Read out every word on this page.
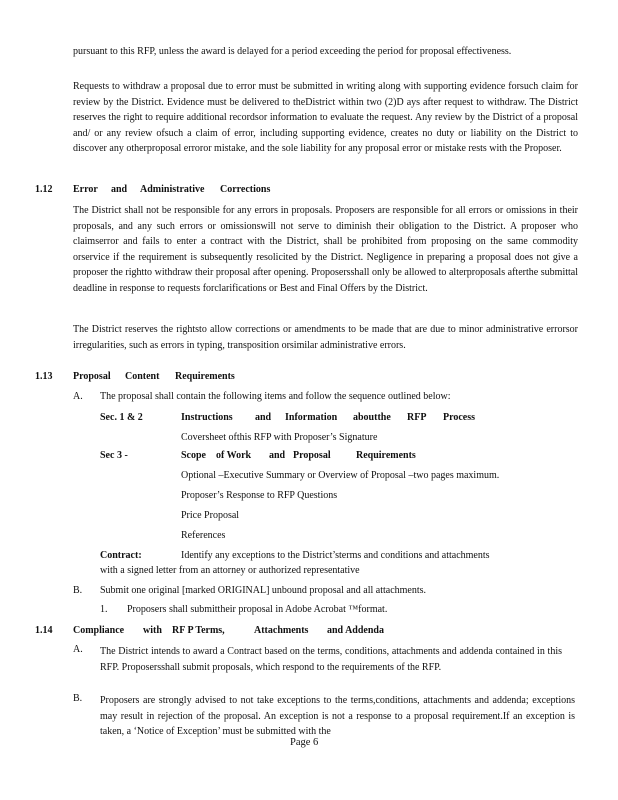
pursuant to this RFP, unless the award is delayed for a period exceeding the period for proposal effectiveness.

Requests to withdraw a proposal due to error must be submitted in writing along with supporting evidence forsuch claim for review by the District. Evidence must be delivered to theDistrict within two (2)D ays after request to withdraw. The District reserves the right to require additional recordsor information to evaluate the request. Any review by the District of a proposal and/ or any review ofsuch a claim of error, including supporting evidence, creates no duty or liability on the District to discover any otherproposal erroror mistake, and the sole liability for any proposal error or mistake rests with the Proposer.

1.12 Error and Administrative Corrections

The District shall not be responsible for any errors in proposals. Proposers are responsible for all errors or omissions in their proposals, and any such errors or omissionswill not serve to diminish their obligation to the District. A proposer who claimserror and fails to enter a contract with the District, shall be prohibited from proposing on the same commodity orservice if the requirement is subsequently resolicited by the District. Negligence in preparing a proposal does not give a proposer the rightto withdraw their proposal after opening. Proposersshall only be allowed to alterproposals afterthe submittal deadline in response to requests forclarifications or Best and Final Offers by the District.

The District reserves the rightsto allow corrections or amendments to be made that are due to minor administrative errorsor irregularities, such as errors in typing, transposition orsimilar administrative errors.

1.13 Proposal Content Requirements
A. The proposal shall contain the following items and follow the sequence outlined below:
Sec. 1 & 2	Instructions and Information aboutthe RFP Process
Coversheet ofthis RFP with Proposer’s Signature
Sec 3 -	Scope of Work and Proposal	Requirements
Optional –Executive Summary or Overview of Proposal –two pages maximum.
Proposer’s Response to RFP Questions
Price Proposal
References
Contract:	Identify any exceptions to the District’sterms and conditions and attachments
with a signed letter from an attorney or authorized representative
B. Submit one original [marked ORIGINAL] unbound proposal and all attachments.
1. Proposers shall submittheir proposal in Adobe Acrobat ™format.
1.14 Compliance with RF P Terms,	Attachments and Addenda
A. The District intends to award a Contract based on the terms, conditions, attachments and addenda contained in this RFP. Proposersshall submit proposals, which respond to the requirements of the RFP.

B. Proposers are strongly advised to not take exceptions to the terms,conditions, attachments and addenda; exceptions may result in rejection of the proposal. An exception is not a response to a proposal requirement.If an exception is taken, a ‘Notice of Exception’ must be submitted with the

Page 6
